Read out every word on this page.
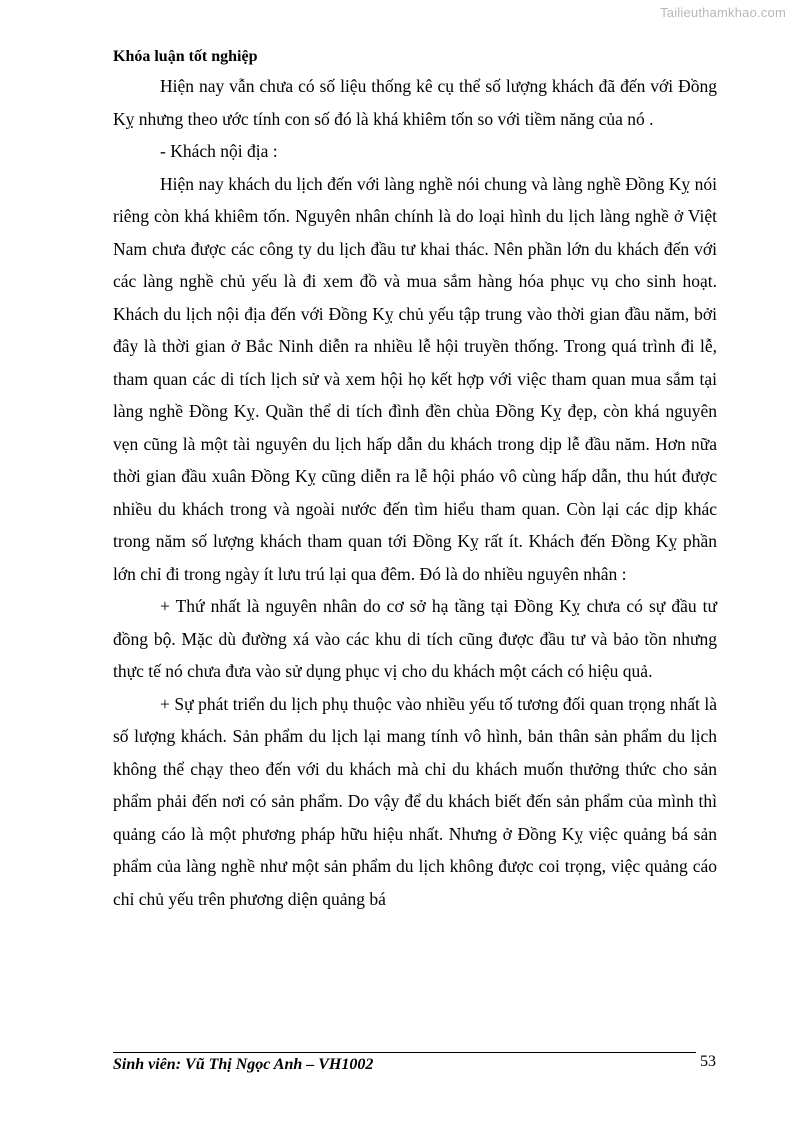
Tailieuthamkhao.com
Khóa luận tốt nghiệp

Hiện nay vẫn chưa có số liệu thống kê cụ thể số lượng khách đã đến với Đồng Kỵ nhưng theo ước tính con số đó là khá khiêm tốn so với tiềm năng của nó .

- Khách nội địa :

Hiện nay khách du lịch đến với làng nghề nói chung và làng nghề Đồng Kỵ nói riêng còn khá khiêm tốn. Nguyên nhân chính là do loại hình du lịch làng nghề ở Việt Nam chưa được các công ty du lịch đầu tư khai thác. Nên phần lớn du khách đến với các làng nghề chủ yếu là đi xem đồ và mua sắm hàng hóa phục vụ cho sinh hoạt. Khách du lịch nội địa đến với Đồng Kỵ chủ yếu tập trung vào thời gian đầu năm, bởi đây là thời gian ở Bắc Ninh diễn ra nhiều lễ hội truyền thống. Trong quá trình đi lễ, tham quan các di tích lịch sử và xem hội họ kết hợp với việc tham quan mua sắm tại làng nghề Đồng Kỵ. Quần thể di tích đình đền chùa Đồng Kỵ đẹp, còn khá nguyên vẹn cũng là một tài nguyên du lịch hấp dẫn du khách trong dịp lễ đầu năm. Hơn nữa thời gian đầu xuân Đồng Kỵ cũng diễn ra lễ hội pháo vô cùng hấp dẫn, thu hút được nhiều du khách trong và ngoài nước đến tìm hiểu tham quan. Còn lại các dịp khác trong năm số lượng khách tham quan tới Đồng Kỵ rất ít. Khách đến Đồng Kỵ phần lớn chỉ đi trong ngày ít lưu trú lại qua đêm. Đó là do nhiều nguyên nhân :

+ Thứ nhất là nguyên nhân do cơ sở hạ tầng tại Đồng Kỵ chưa có sự đầu tư đồng bộ. Mặc dù đường xá vào các khu di tích cũng được đầu tư và bảo tồn nhưng thực tế nó chưa đưa vào sử dụng phục vị cho du khách một cách có hiệu quả.

+ Sự phát triển du lịch phụ thuộc vào nhiều yếu tố tương đối quan trọng nhất là số lượng khách. Sản phẩm du lịch lại mang tính vô hình, bản thân sản phẩm du lịch không thể chạy theo đến với du khách mà chỉ du khách muốn thưởng thức cho sản phẩm phải đến nơi có sản phẩm. Do vậy để du khách biết đến sản phẩm của mình thì quảng cáo là một phương pháp hữu hiệu nhất. Nhưng ở Đồng Kỵ việc quảng bá sản phẩm của làng nghề như một sản phẩm du lịch không được coi trọng, việc quảng cáo chỉ chủ yếu trên phương diện quảng bá

Sinh viên: Vũ Thị Ngọc Anh – VH1002	53
